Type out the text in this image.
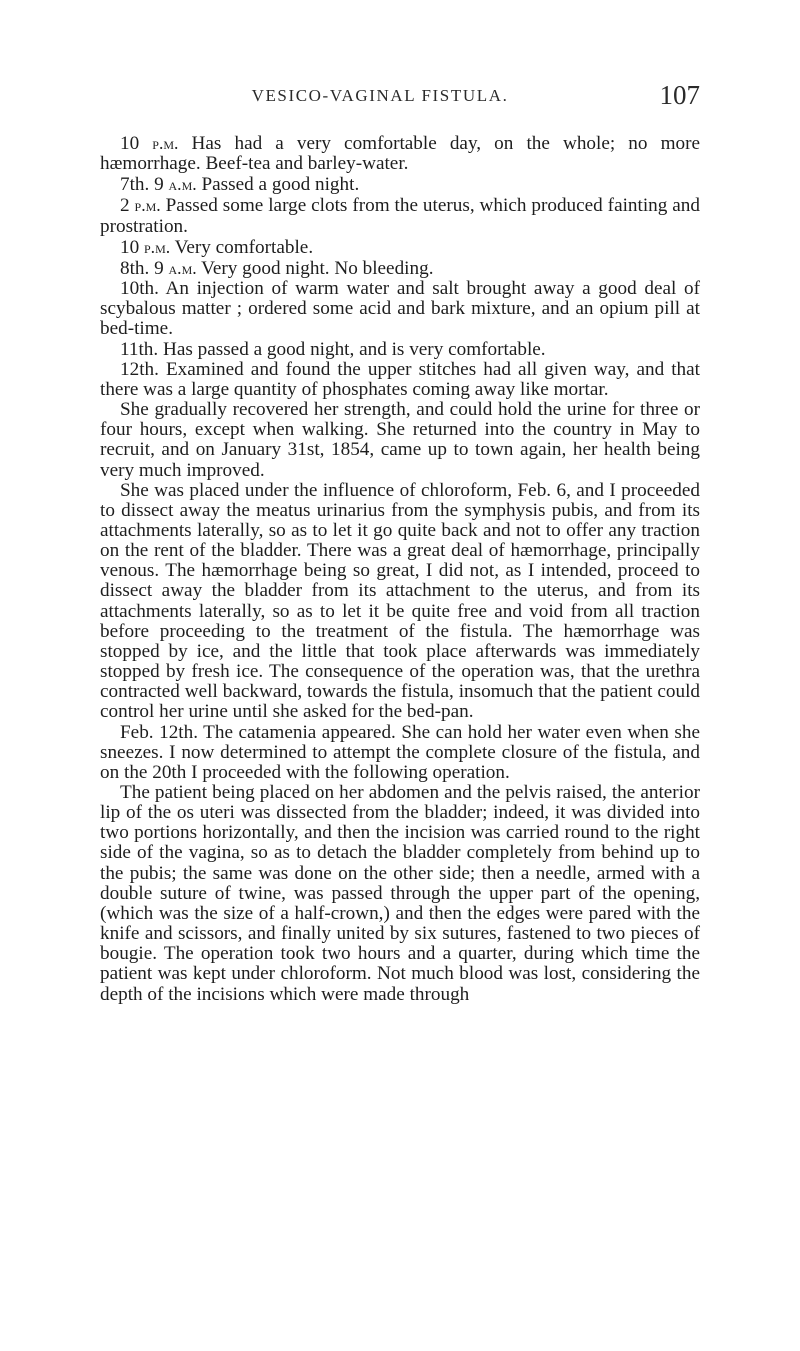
VESICO-VAGINAL FISTULA.	107

10 p.m. Has had a very comfortable day, on the whole; no more hæmorrhage. Beef-tea and barley-water.

7th. 9 a.m. Passed a good night.

2 p.m. Passed some large clots from the uterus, which produced fainting and prostration.

10 p.m. Very comfortable.

8th. 9 a.m. Very good night. No bleeding.

10th. An injection of warm water and salt brought away a good deal of scybalous matter ; ordered some acid and bark mixture, and an opium pill at bed-time.

11th. Has passed a good night, and is very comfortable.

12th. Examined and found the upper stitches had all given way, and that there was a large quantity of phosphates coming away like mortar.

She gradually recovered her strength, and could hold the urine for three or four hours, except when walking. She returned into the country in May to recruit, and on January 31st, 1854, came up to town again, her health being very much improved.

She was placed under the influence of chloroform, Feb. 6, and I proceeded to dissect away the meatus urinarius from the symphysis pubis, and from its attachments laterally, so as to let it go quite back and not to offer any traction on the rent of the bladder. There was a great deal of hæmorrhage, principally venous. The hæmorrhage being so great, I did not, as I intended, proceed to dissect away the bladder from its attachment to the uterus, and from its attachments laterally, so as to let it be quite free and void from all traction before proceeding to the treatment of the fistula. The hæmorrhage was stopped by ice, and the little that took place afterwards was immediately stopped by fresh ice. The consequence of the operation was, that the urethra contracted well backward, towards the fistula, insomuch that the patient could control her urine until she asked for the bed-pan.

Feb. 12th. The catamenia appeared. She can hold her water even when she sneezes. I now determined to attempt the complete closure of the fistula, and on the 20th I proceeded with the following operation.

The patient being placed on her abdomen and the pelvis raised, the anterior lip of the os uteri was dissected from the bladder; indeed, it was divided into two portions horizontally, and then the incision was carried round to the right side of the vagina, so as to detach the bladder completely from behind up to the pubis; the same was done on the other side; then a needle, armed with a double suture of twine, was passed through the upper part of the opening, (which was the size of a half-crown,) and then the edges were pared with the knife and scissors, and finally united by six sutures, fastened to two pieces of bougie. The operation took two hours and a quarter, during which time the patient was kept under chloroform. Not much blood was lost, considering the depth of the incisions which were made through
